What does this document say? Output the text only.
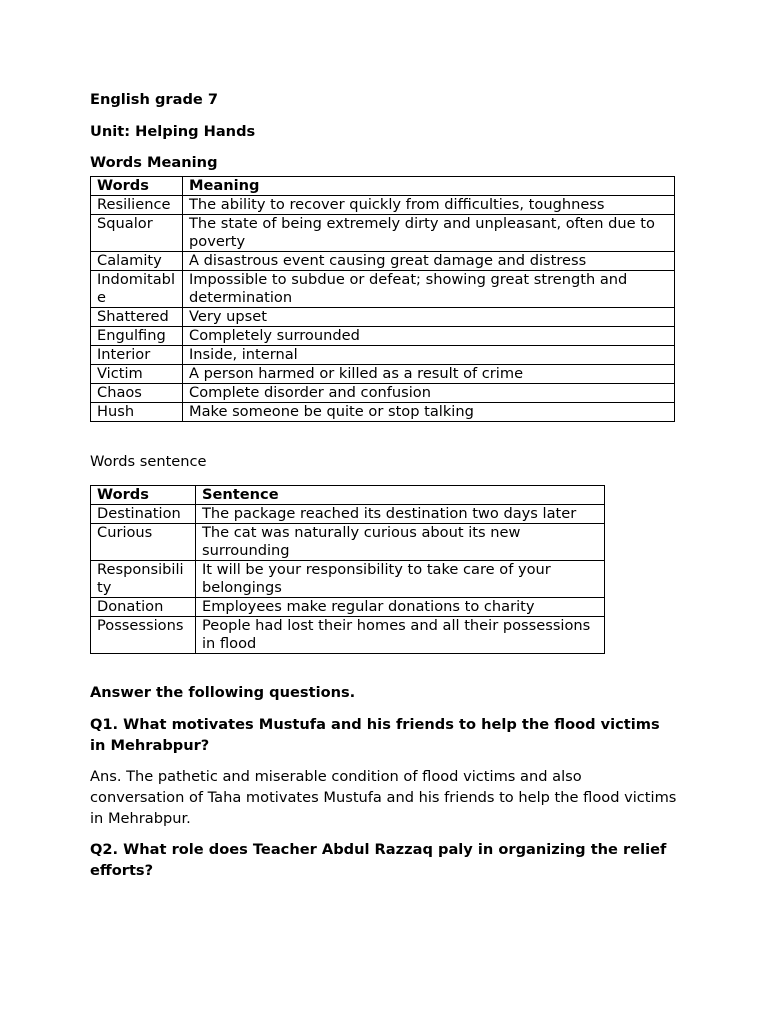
English grade 7

Unit: Helping Hands

Words Meaning

Words	Meaning
Resilience	The ability to recover quickly from difficulties, toughness
Squalor	The state of being extremely dirty and unpleasant, often due to poverty
Calamity	A disastrous event causing great damage and distress
Indomitable	Impossible to subdue or defeat; showing great strength and determination
Shattered	Very upset
Engulfing	Completely surrounded
Interior	Inside, internal
Victim	A person harmed or killed as a result of crime
Chaos	Complete disorder and confusion
Hush	Make someone be quite or stop talking

Words sentence

Words	Sentence
Destination	The package reached its destination two days later
Curious	The cat was naturally curious about its new surrounding
Responsibility	It will be your responsibility to take care of your belongings
Donation	Employees make regular donations to charity
Possessions	People had lost their homes and all their possessions in flood

Answer the following questions.

Q1. What motivates Mustufa and his friends to help the flood victims in Mehrabpur?

Ans. The pathetic and miserable condition of flood victims and also conversation of Taha motivates Mustufa and his friends to help the flood victims in Mehrabpur.

Q2. What role does Teacher Abdul Razzaq paly in organizing the relief efforts?
